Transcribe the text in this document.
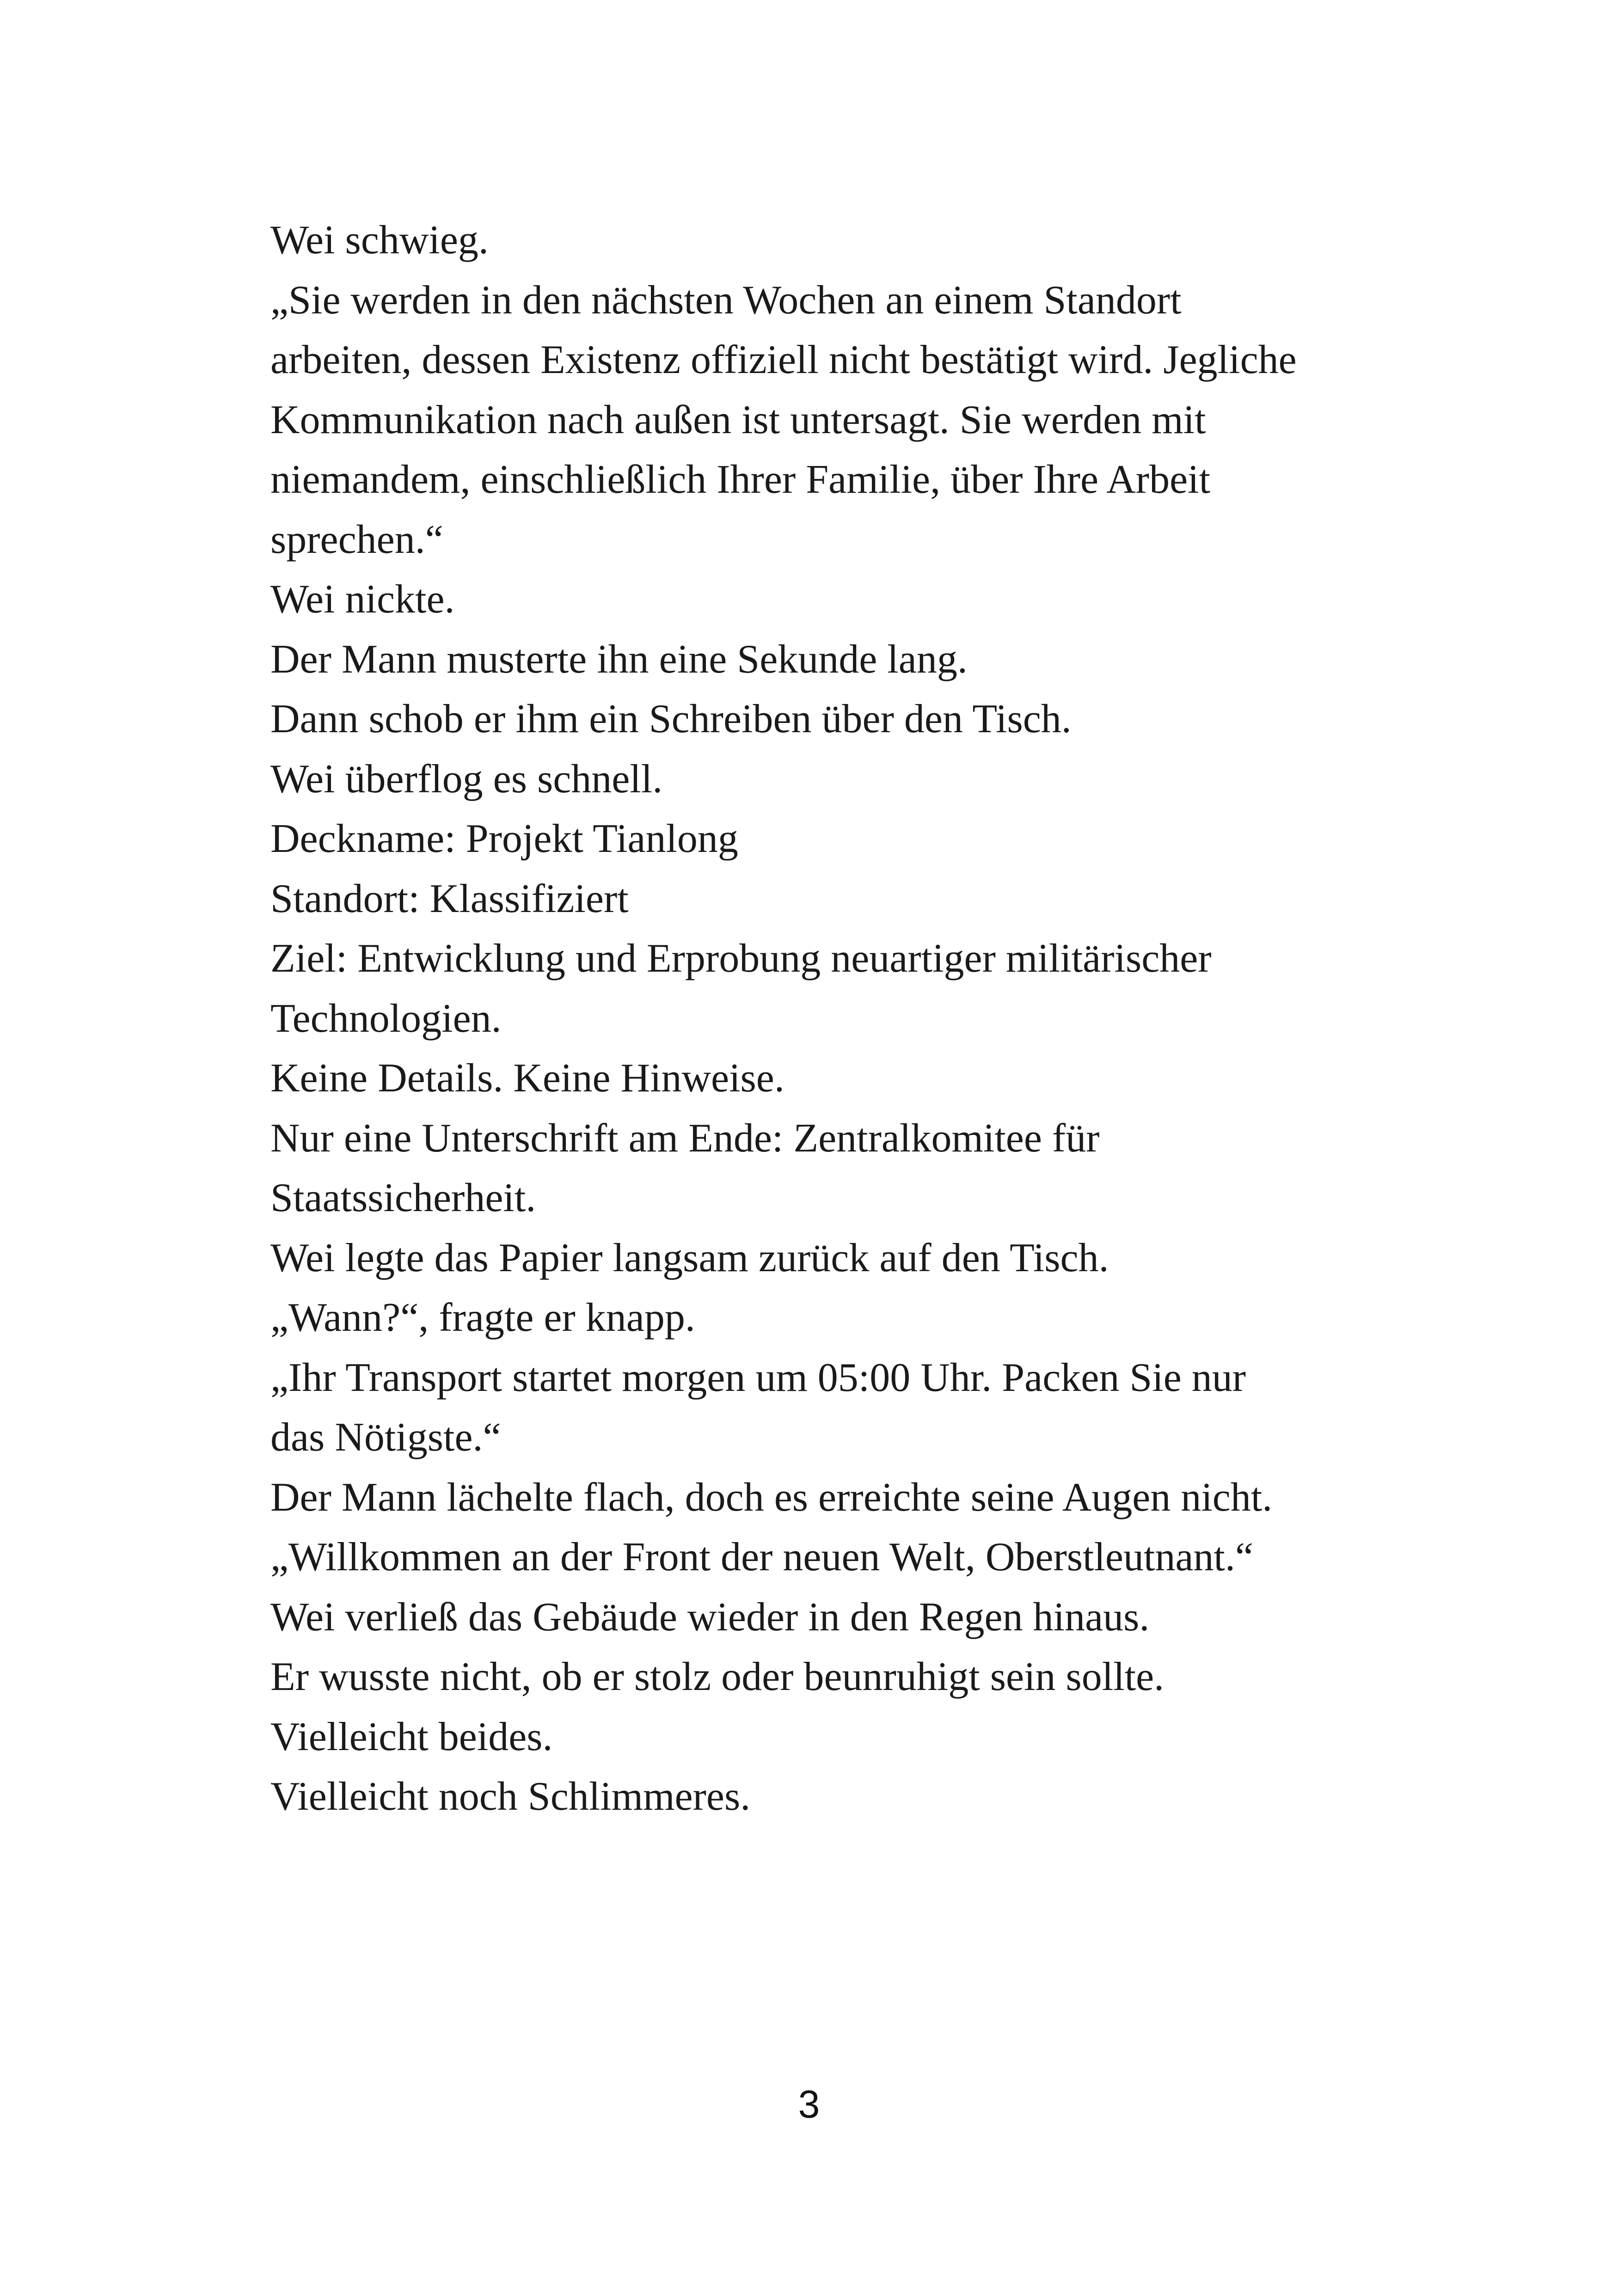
Wei schwieg.

„Sie werden in den nächsten Wochen an einem Standort
arbeiten, dessen Existenz offiziell nicht bestätigt wird. Jegliche
Kommunikation nach außen ist untersagt. Sie werden mit
niemandem, einschließlich Ihrer Familie, über Ihre Arbeit
sprechen.“

Wei nickte.

Der Mann musterte ihn eine Sekunde lang.

Dann schob er ihm ein Schreiben über den Tisch.

Wei überflog es schnell.

Deckname: Projekt Tianlong

Standort: Klassifiziert

Ziel: Entwicklung und Erprobung neuartiger militärischer
Technologien.

Keine Details. Keine Hinweise.

Nur eine Unterschrift am Ende: Zentralkomitee für
Staatssicherheit.

Wei legte das Papier langsam zurück auf den Tisch.

„Wann?“, fragte er knapp.

„Ihr Transport startet morgen um 05:00 Uhr. Packen Sie nur
das Nötigste.“

Der Mann lächelte flach, doch es erreichte seine Augen nicht.

„Willkommen an der Front der neuen Welt, Oberstleutnant.“

Wei verließ das Gebäude wieder in den Regen hinaus.

Er wusste nicht, ob er stolz oder beunruhigt sein sollte.

Vielleicht beides.

Vielleicht noch Schlimmeres.

3
